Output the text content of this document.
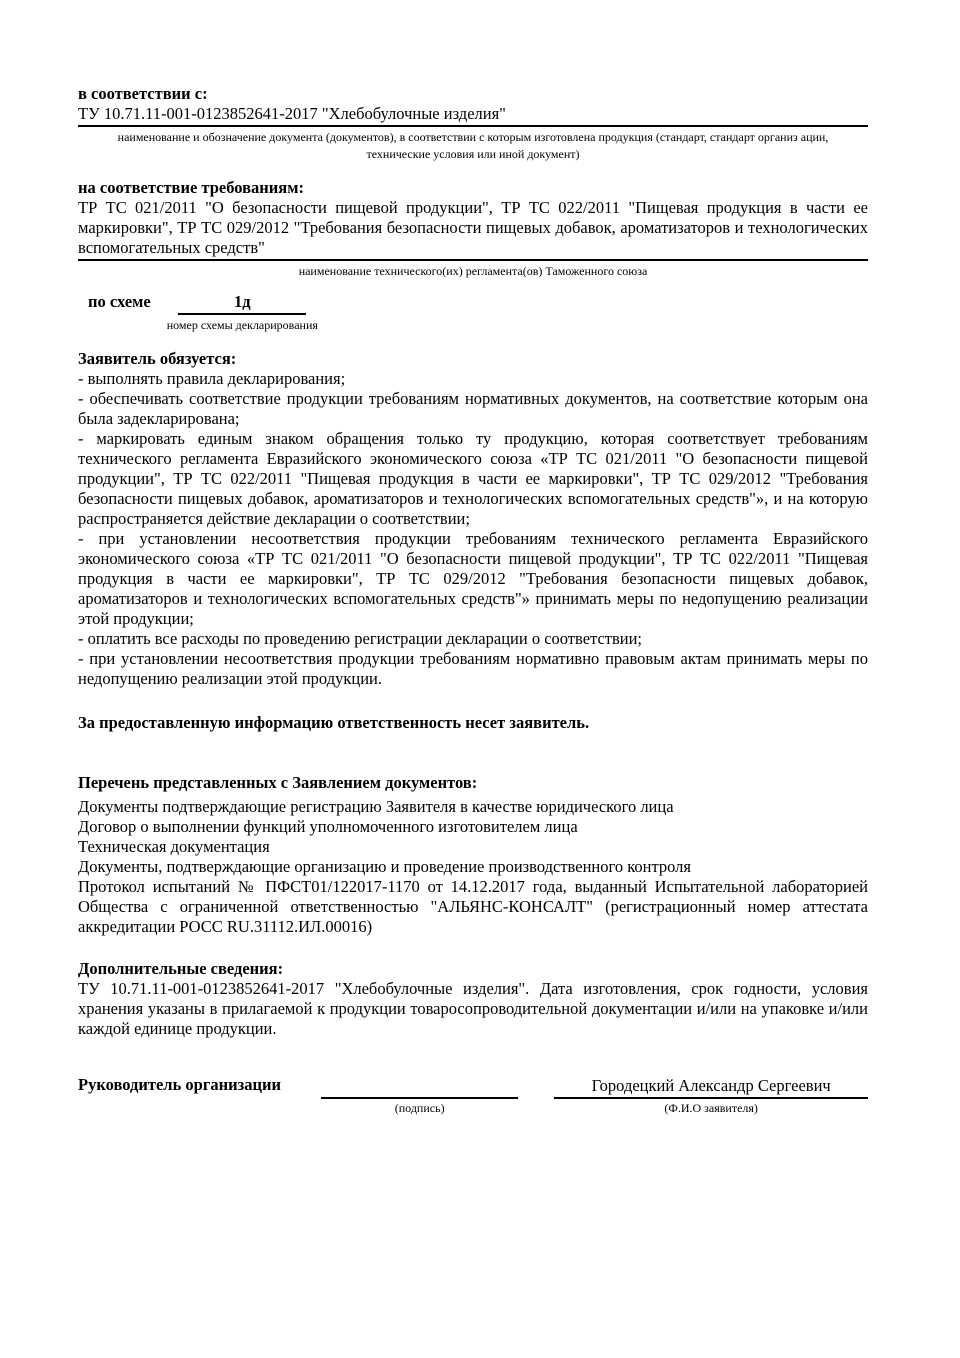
в соответствии с:

ТУ 10.71.11-001-0123852641-2017 "Хлебобулочные изделия"

наименование и обозначение документа (документов), в соответствии с которым изготовлена продукция (стандарт, стандарт организ ации, технические условия или иной документ)

на соответствие требованиям:

ТР ТС 021/2011 "О безопасности пищевой продукции", ТР ТС 022/2011 "Пищевая продукция в части ее маркировки", ТР ТС 029/2012 "Требования безопасности пищевых добавок, ароматизаторов и технологических вспомогательных средств"

наименование технического(их) регламента(ов) Таможенного союза

по схеме	1д
номер схемы декларирования

Заявитель обязуется:

- выполнять правила декларирования;

- обеспечивать соответствие продукции требованиям нормативных документов, на соответствие которым она была задекларирована;

- маркировать единым знаком обращения только ту продукцию, которая соответствует требованиям технического регламента Евразийского экономического союза «ТР ТС 021/2011 "О безопасности пищевой продукции", ТР ТС 022/2011 "Пищевая продукция в части ее маркировки", ТР ТС 029/2012 "Требования безопасности пищевых добавок, ароматизаторов и технологических вспомогательных средств"», и на которую распространяется действие декларации о соответствии;

- при установлении несоответствия продукции требованиям технического регламента Евразийского экономического союза «ТР ТС 021/2011 "О безопасности пищевой продукции", ТР ТС 022/2011 "Пищевая продукция в части ее маркировки", ТР ТС 029/2012 "Требования безопасности пищевых добавок, ароматизаторов и технологических вспомогательных средств"» принимать меры по недопущению реализации этой продукции;

- оплатить все расходы по проведению регистрации декларации о соответствии;

- при установлении несоответствия продукции требованиям нормативно правовым актам принимать меры по недопущению реализации этой продукции.

За предоставленную информацию ответственность несет заявитель.

Перечень представленных с Заявлением документов:

Документы подтверждающие регистрацию Заявителя в качестве юридического лица

Договор о выполнении функций уполномоченного изготовителем лица

Техническая документация

Документы, подтверждающие организацию и проведение производственного контроля

Протокол испытаний № ПФСТ01/122017-1170 от 14.12.2017 года, выданный Испытательной лабораторией Общества с ограниченной ответственностью "АЛЬЯНС-КОНСАЛТ" (регистрационный номер аттестата аккредитации РОСС RU.31112.ИЛ.00016)

Дополнительные сведения:

ТУ 10.71.11-001-0123852641-2017 "Хлебобулочные изделия". Дата изготовления, срок годности, условия хранения указаны в прилагаемой к продукции товаросопроводительной документации и/или на упаковке и/или каждой единице продукции.

Руководитель организации
(подпись)
Городецкий Александр Сергеевич
(Ф.И.О заявителя)
